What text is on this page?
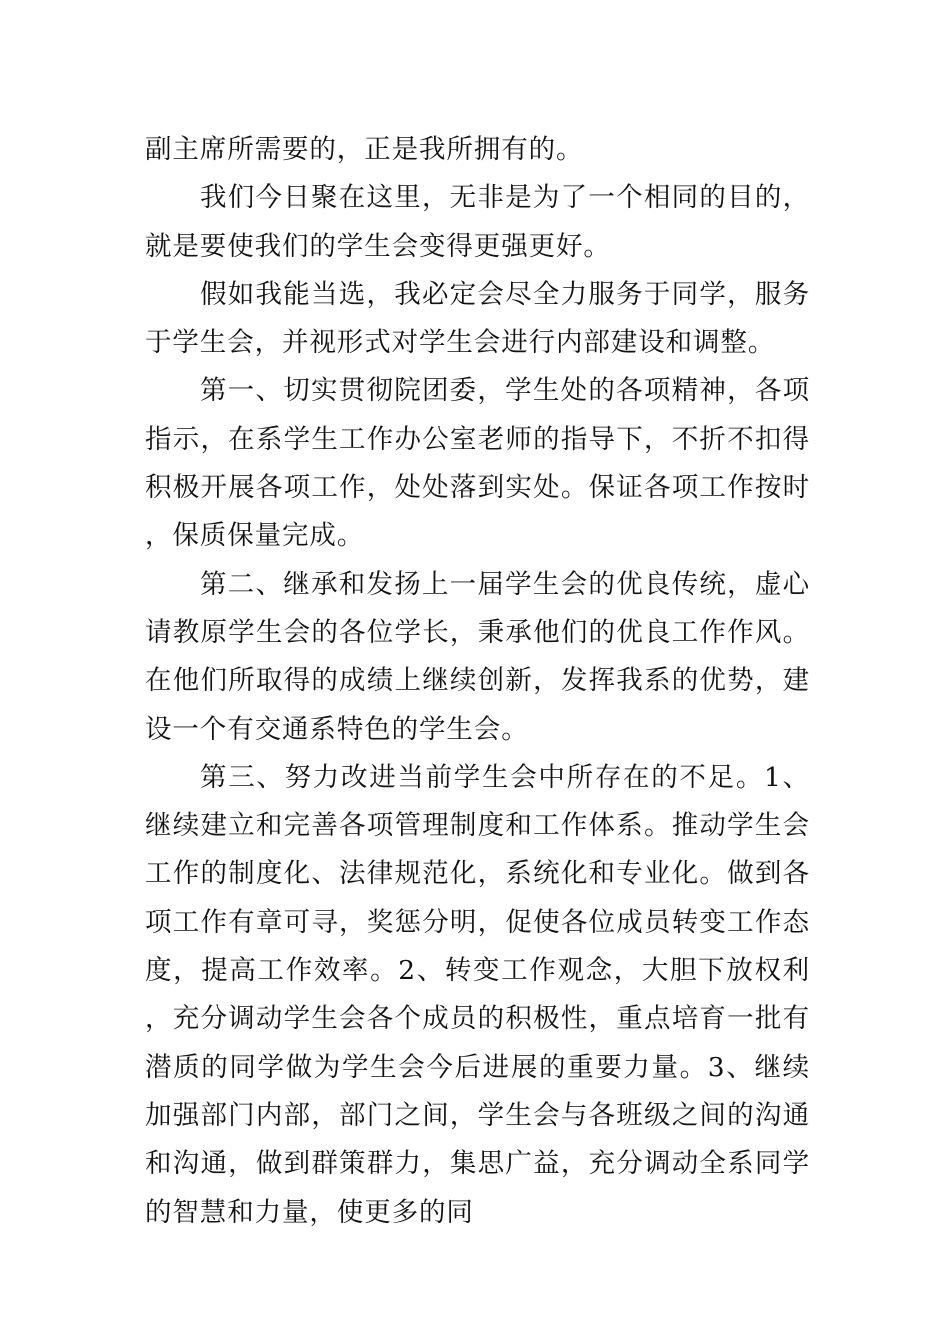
副主席所需要的，正是我所拥有的。

我们今日聚在这里，无非是为了一个相同的目的，就是要使我们的学生会变得更强更好。

假如我能当选，我必定会尽全力服务于同学，服务于学生会，并视形式对学生会进行内部建设和调整。

第一、切实贯彻院团委，学生处的各项精神，各项指示，在系学生工作办公室老师的指导下，不折不扣得积极开展各项工作，处处落到实处。保证各项工作按时，保质保量完成。

第二、继承和发扬上一届学生会的优良传统，虚心请教原学生会的各位学长，秉承他们的优良工作作风。在他们所取得的成绩上继续创新，发挥我系的优势，建设一个有交通系特色的学生会。

第三、努力改进当前学生会中所存在的不足。1、继续建立和完善各项管理制度和工作体系。推动学生会工作的制度化、法律规范化，系统化和专业化。做到各项工作有章可寻，奖惩分明，促使各位成员转变工作态度，提高工作效率。2、转变工作观念，大胆下放权利，充分调动学生会各个成员的积极性，重点培育一批有潜质的同学做为学生会今后进展的重要力量。3、继续加强部门内部，部门之间，学生会与各班级之间的沟通和沟通，做到群策群力，集思广益，充分调动全系同学的智慧和力量，使更多的同
